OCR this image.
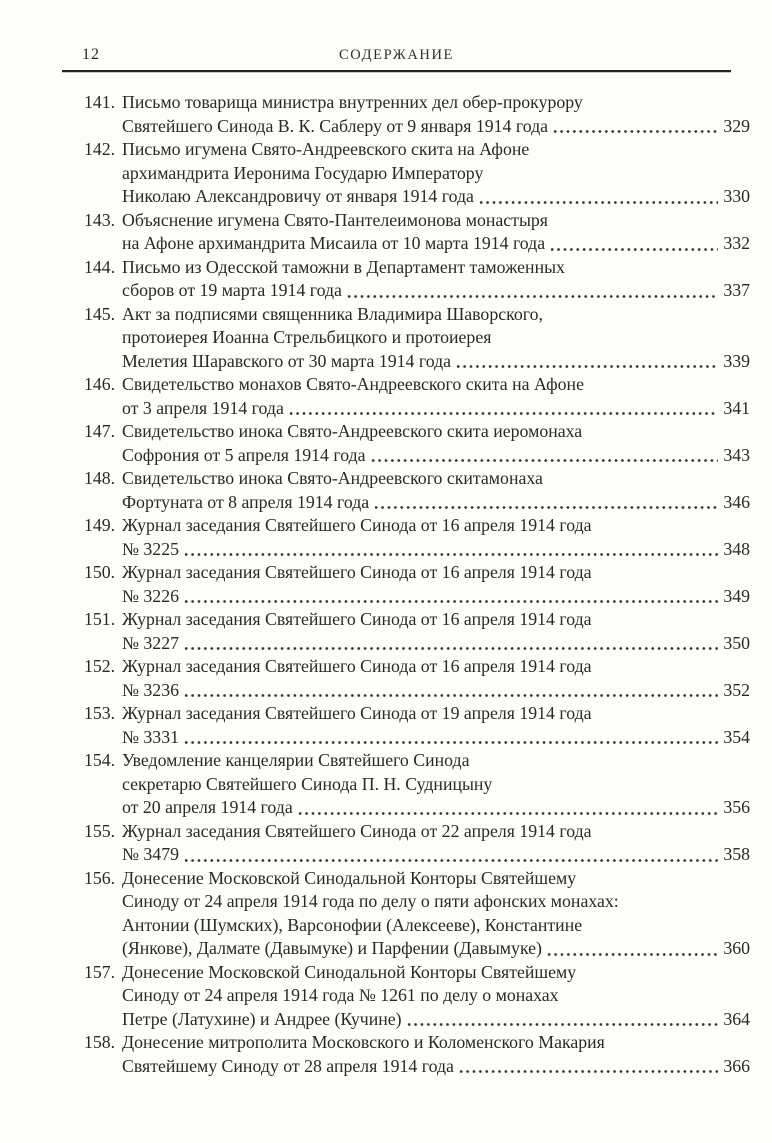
12	СОДЕРЖАНИЕ
141. Письмо товарища министра внутренних дел обер-прокурору
Святейшего Синода В. К. Саблеру от 9 января 1914 года	329
142. Письмо игумена Свято-Андреевского скита на Афоне
архимандрита Иеронима Государю Императору
Николаю Александровичу от января 1914 года	330
143. Объяснение игумена Свято-Пантелеимонова монастыря
на Афоне архимандрита Мисаила от 10 марта 1914 года	332
144. Письмо из Одесской таможни в Департамент таможенных
сборов от 19 марта 1914 года	337
145. Акт за подписями священника Владимира Шаворского,
протоиерея Иоанна Стрельбицкого и протоиерея
Мелетия Шаравского от 30 марта 1914 года	339
146. Свидетельство монахов Свято-Андреевского скита на Афоне
от 3 апреля 1914 года	341
147. Свидетельство инока Свято-Андреевского скита иеромонаха
Софрония от 5 апреля 1914 года	343
148. Свидетельство инока Свято-Андреевского скитамонаха
Фортуната от 8 апреля 1914 года	346
149. Журнал заседания Святейшего Синода от 16 апреля 1914 года
№ 3225	348
150. Журнал заседания Святейшего Синода от 16 апреля 1914 года
№ 3226	349
151. Журнал заседания Святейшего Синода от 16 апреля 1914 года
№ 3227	350
152. Журнал заседания Святейшего Синода от 16 апреля 1914 года
№ 3236	352
153. Журнал заседания Святейшего Синода от 19 апреля 1914 года
№ 3331	354
154. Уведомление канцелярии Святейшего Синода
секретарю Святейшего Синода П. Н. Судницыну
от 20 апреля 1914 года	356
155. Журнал заседания Святейшего Синода от 22 апреля 1914 года
№ 3479	358
156. Донесение Московской Синодальной Конторы Святейшему
Синоду от 24 апреля 1914 года по делу о пяти афонских монахах:
Антонии (Шумских), Варсонофии (Алексееве), Константине
(Янкове), Далмате (Давымуке) и Парфении (Давымуке)	360
157. Донесение Московской Синодальной Конторы Святейшему
Синоду от 24 апреля 1914 года № 1261 по делу о монахах
Петре (Латухине) и Андрее (Кучине)	364
158. Донесение митрополита Московского и Коломенского Макария
Святейшему Синоду от 28 апреля 1914 года	366
